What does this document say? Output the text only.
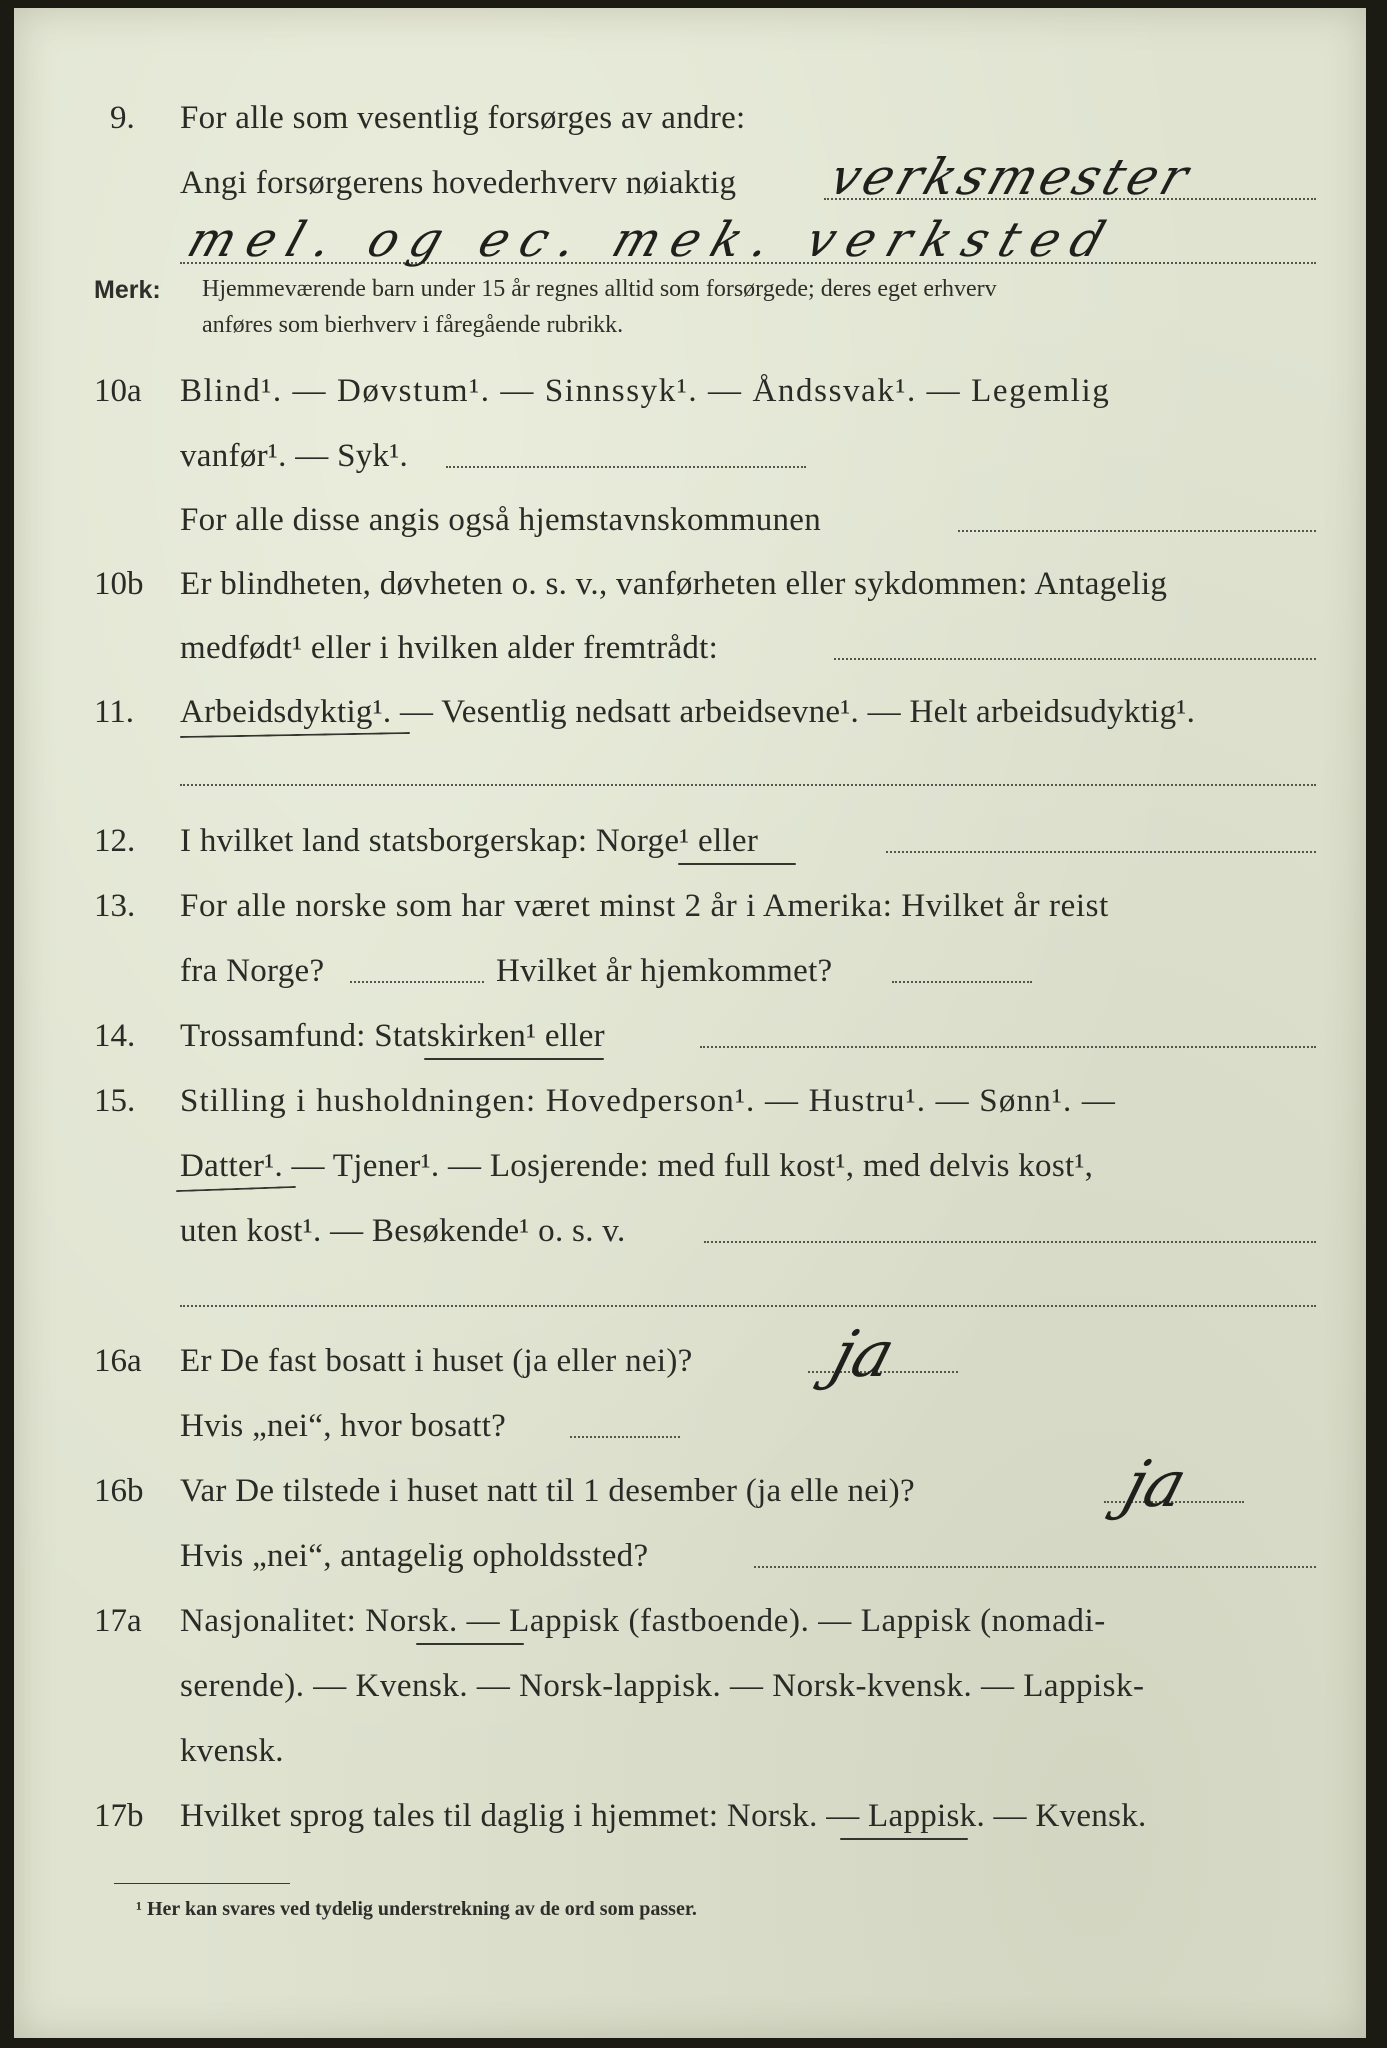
9. For alle som vesentlig forsørges av andre:
Angi forsørgerens hovederhverv nøiaktig verksmester
mel. og ec. mek. verksted
Merk: Hjemmeværende barn under 15 år regnes alltid som forsørgede; deres eget erhverv
anføres som bierhverv i fåregående rubrikk.
10a Blind¹. — Døvstum¹. — Sinnssyk¹. — Åndssvak¹. — Legemlig
vanfør¹. — Syk¹.
For alle disse angis også hjemstavnskommunen
10b Er blindheten, døvheten o. s. v., vanførheten eller sykdommen: Antagelig
medfødt¹ eller i hvilken alder fremtrådt:
11. Arbeidsdyktig¹. — Vesentlig nedsatt arbeidsevne¹. — Helt arbeidsudyktig¹.
12. I hvilket land statsborgerskap: Norge¹ eller
13. For alle norske som har været minst 2 år i Amerika: Hvilket år reist
fra Norge?	Hvilket år hjemkommet?
14. Trossamfund: Statskirken¹ eller
15. Stilling i husholdningen: Hovedperson¹. — Hustru¹. — Sønn¹. —
Datter¹. — Tjener¹. — Losjerende: med full kost¹, med delvis kost¹,
uten kost¹. — Besøkende¹ o. s. v.
16a Er De fast bosatt i huset (ja eller nei)? ja
Hvis „nei“, hvor bosatt?
16b Var De tilstede i huset natt til 1 desember (ja elle nei)?	ja
Hvis „nei“, antagelig opholdssted?
17a Nasjonalitet: Norsk. — Lappisk (fastboende). — Lappisk (nomadi-
serende). — Kvensk. — Norsk-lappisk. — Norsk-kvensk. — Lappisk-
kvensk.
17b Hvilket sprog tales til daglig i hjemmet: Norsk. — Lappisk. — Kvensk.
¹ Her kan svares ved tydelig understrekning av de ord som passer.
